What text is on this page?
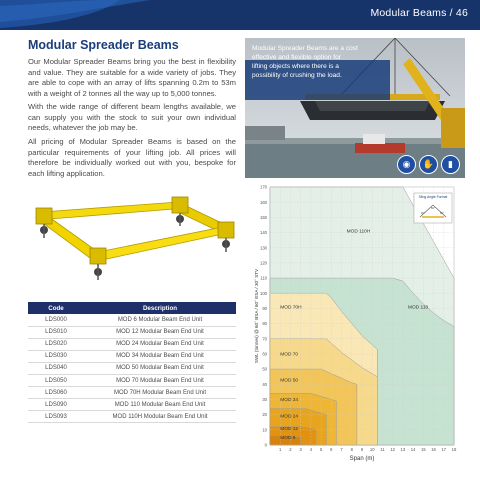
Modular Beams / 46
Modular Spreader Beams
Our Modular Spreader Beams bring you the best in flexibility and value. They are suitable for a wide variety of jobs. They are able to cope with an array of lifts spanning 0.2m to 53m with a weight of 2 tonnes all the way up to 5,000 tonnes.
With the wide range of different beam lengths available, we can supply you with the stock to suit your own individual needs, whatever the job may be.
All pricing of Modular Spreader Beams is based on the particular requirements of your lifting job. All prices will therefore be individually worked out with you, bespoke for each lifting application.
Modular Spreader Beams are a cost effective and flexible option for lifting objects where there is a possibility of crushing the load.
◉	✋	▮
Code	Description
LDS000	MOD 6 Modular Beam End Unit
LDS010	MOD 12 Modular Beam End Unit
LDS020	MOD 24 Modular Beam End Unit
LDS030	MOD 34 Modular Beam End Unit
LDS040	MOD 50 Modular Beam End Unit
LDS050	MOD 70 Modular Beam End Unit
LDS060	MOD 70H Modular Beam End Unit
LDS090	MOD 110 Modular Beam End Unit
LDS093	MOD 110H Modular Beam End Unit
0
10
20
30
40
50
60
70
80
90
100
110
120
130
140
150
160
170
1 2 3 4 5 6 7 8 9 10 11 12 13 14 15 16 17 18
MOD 110H
MOD 110
MOD 70H
MOD 70
MOD 50
MOD 34
MOD 24
MOD 12
MOD 6
Span (m)
SWL (tonnes) @ 60° BSA / 60° ESA / 30° STV
Sling Angle Format
60°
30°	60°
